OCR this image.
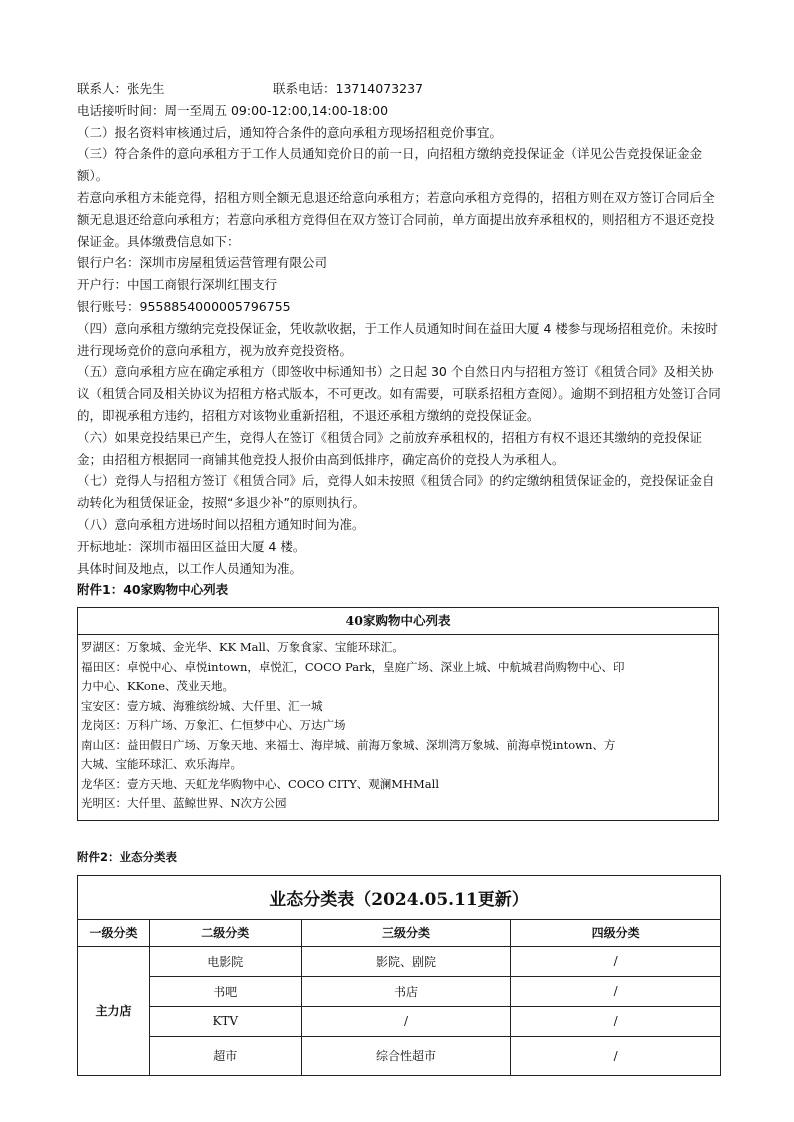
联系人：张先生	联系电话：13714073237
电话接听时间：周一至周五 09:00-12:00,14:00-18:00
（二）报名资料审核通过后，通知符合条件的意向承租方现场招租竞价事宜。
（三）符合条件的意向承租方于工作人员通知竞价日的前一日，向招租方缴纳竞投保证金（详见公告竞投保证金金额）。
若意向承租方未能竞得，招租方则全额无息退还给意向承租方；若意向承租方竞得的，招租方则在双方签订合同后全额无息退还给意向承租方；若意向承租方竞得但在双方签订合同前，单方面提出放弃承租权的，则招租方不退还竞投保证金。具体缴费信息如下：
银行户名：深圳市房屋租赁运营管理有限公司
开户行：中国工商银行深圳红围支行
银行账号：9558854000005796755
（四）意向承租方缴纳完竞投保证金，凭收款收据，于工作人员通知时间在益田大厦 4 楼参与现场招租竞价。未按时进行现场竞价的意向承租方，视为放弃竞投资格。
（五）意向承租方应在确定承租方（即签收中标通知书）之日起 30 个自然日内与招租方签订《租赁合同》及相关协议（租赁合同及相关协议为招租方格式版本，不可更改。如有需要，可联系招租方查阅）。逾期不到招租方处签订合同的，即视承租方违约，招租方对该物业重新招租，不退还承租方缴纳的竞投保证金。
（六）如果竞投结果已产生，竞得人在签订《租赁合同》之前放弃承租权的，招租方有权不退还其缴纳的竞投保证金；由招租方根据同一商铺其他竞投人报价由高到低排序，确定高价的竞投人为承租人。
（七）竞得人与招租方签订《租赁合同》后，竞得人如未按照《租赁合同》的约定缴纳租赁保证金的，竞投保证金自动转化为租赁保证金，按照“多退少补”的原则执行。
（八）意向承租方进场时间以招租方通知时间为准。
开标地址：深圳市福田区益田大厦 4 楼。
具体时间及地点，以工作人员通知为准。
附件1：40家购物中心列表
40家购物中心列表
罗湖区：万象城、金光华、KK Mall、万象食家、宝能环球汇。
福田区：卓悦中心、卓悦intown，卓悦汇，COCO Park，皇庭广场、深业上城、中航城君尚购物中心、印
力中心、KKone、茂业天地。
宝安区：壹方城、海雅缤纷城、大仟里、汇一城
龙岗区：万科广场、万象汇、仁恒梦中心、万达广场
南山区：益田假日广场、万象天地、来福士、海岸城、前海万象城、深圳湾万象城、前海卓悦intown、方
大城、宝能环球汇、欢乐海岸。
龙华区：壹方天地、天虹龙华购物中心、COCO CITY、观澜MHMall
光明区：大仟里、蓝鲸世界、N次方公园
附件2：业态分类表
业态分类表（2024.05.11更新）			
一级分类	二级分类	三级分类	四级分类
主力店	电影院	影院、剧院	/
	书吧	书店	/
	KTV	/	/
	超市	综合性超市	/
